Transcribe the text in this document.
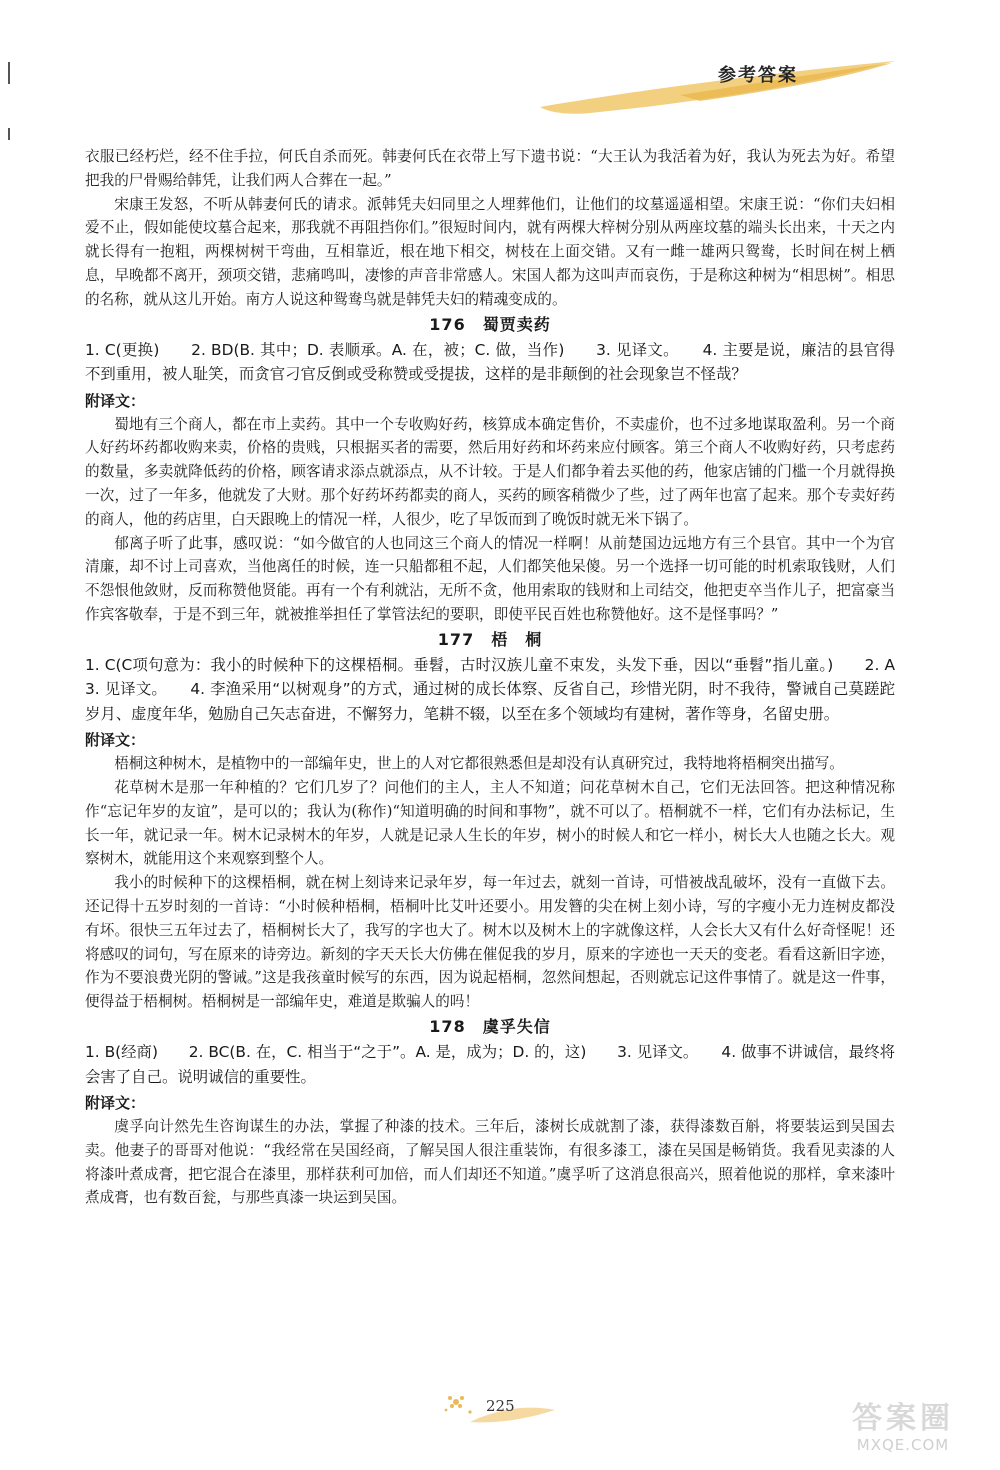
参考答案

衣服已经朽烂，经不住手拉，何氏自杀而死。韩妻何氏在衣带上写下遗书说：“大王认为我活着为好，我认为死去为好。希望把我的尸骨赐给韩凭，让我们两人合葬在一起。”

宋康王发怒，不听从韩妻何氏的请求。派韩凭夫妇同里之人埋葬他们，让他们的坟墓遥遥相望。宋康王说：“你们夫妇相爱不止，假如能使坟墓合起来，那我就不再阻挡你们。”很短时间内，就有两棵大梓树分别从两座坟墓的端头长出来，十天之内就长得有一抱粗，两棵树树干弯曲，互相靠近，根在地下相交，树枝在上面交错。又有一雌一雄两只鸳鸯，长时间在树上栖息，早晚都不离开，颈项交错，悲痛鸣叫，凄惨的声音非常感人。宋国人都为这叫声而哀伤，于是称这种树为“相思树”。相思的名称，就从这儿开始。南方人说这种鸳鸯鸟就是韩凭夫妇的精魂变成的。

176　蜀贾卖药

1. C(更换)　　2. BD(B. 其中；D. 表顺承。A. 在，被；C. 做，当作)　　3. 见译文。　　4. 主要是说，廉洁的县官得不到重用，被人耻笑，而贪官刁官反倒或受称赞或受提拔，这样的是非颠倒的社会现象岂不怪哉？

附译文：

蜀地有三个商人，都在市上卖药。其中一个专收购好药，核算成本确定售价，不卖虚价，也不过多地谋取盈利。另一个商人好药坏药都收购来卖，价格的贵贱，只根据买者的需要，然后用好药和坏药来应付顾客。第三个商人不收购好药，只考虑药的数量，多卖就降低药的价格，顾客请求添点就添点，从不计较。于是人们都争着去买他的药，他家店铺的门槛一个月就得换一次，过了一年多，他就发了大财。那个好药坏药都卖的商人，买药的顾客稍微少了些，过了两年也富了起来。那个专卖好药的商人，他的药店里，白天跟晚上的情况一样，人很少，吃了早饭而到了晚饭时就无米下锅了。

郁离子听了此事，感叹说：“如今做官的人也同这三个商人的情况一样啊！从前楚国边远地方有三个县官。其中一个为官清廉，却不讨上司喜欢，当他离任的时候，连一只船都租不起，人们都笑他呆傻。另一个选择一切可能的时机索取钱财，人们不怨恨他敛财，反而称赞他贤能。再有一个有利就沾，无所不贪，他用索取的钱财和上司结交，他把吏卒当作儿子，把富豪当作宾客敬奉，于是不到三年，就被推举担任了掌管法纪的要职，即使平民百姓也称赞他好。这不是怪事吗？”

177　梧　桐

1. C(C项句意为：我小的时候种下的这棵梧桐。垂髫，古时汉族儿童不束发，头发下垂，因以“垂髫”指儿童。)　　2. A　　3. 见译文。　　4. 李渔采用“以树观身”的方式，通过树的成长体察、反省自己，珍惜光阴，时不我待，警诫自己莫蹉跎岁月、虚度年华，勉励自己矢志奋进，不懈努力，笔耕不辍，以至在多个领域均有建树，著作等身，名留史册。

附译文：

梧桐这种树木，是植物中的一部编年史，世上的人对它都很熟悉但是却没有认真研究过，我特地将梧桐突出描写。

花草树木是那一年种植的？它们几岁了？问他们的主人，主人不知道；问花草树木自己，它们无法回答。把这种情况称作“忘记年岁的友谊”，是可以的；我认为(称作)“知道明确的时间和事物”，就不可以了。梧桐就不一样，它们有办法标记，生长一年，就记录一年。树木记录树木的年岁，人就是记录人生长的年岁，树小的时候人和它一样小，树长大人也随之长大。观察树木，就能用这个来观察到整个人。

我小的时候种下的这棵梧桐，就在树上刻诗来记录年岁，每一年过去，就刻一首诗，可惜被战乱破坏，没有一直做下去。还记得十五岁时刻的一首诗：“小时候种梧桐，梧桐叶比艾叶还要小。用发簪的尖在树上刻小诗，写的字瘦小无力连树皮都没有坏。很快三五年过去了，梧桐树长大了，我写的字也大了。树木以及树木上的字就像这样，人会长大又有什么好奇怪呢！还将感叹的词句，写在原来的诗旁边。新刻的字天天长大仿佛在催促我的岁月，原来的字迹也一天天的变老。看看这新旧字迹，作为不要浪费光阴的警诫。”这是我孩童时候写的东西，因为说起梧桐，忽然间想起，否则就忘记这件事情了。就是这一件事，便得益于梧桐树。梧桐树是一部编年史，难道是欺骗人的吗！

178　虞孚失信

1. B(经商)　　2. BC(B. 在，C. 相当于“之于”。A. 是，成为；D. 的，这)　　3. 见译文。　　4. 做事不讲诚信，最终将会害了自己。说明诚信的重要性。

附译文：

虞孚向计然先生咨询谋生的办法，掌握了种漆的技术。三年后，漆树长成就割了漆，获得漆数百斛，将要装运到吴国去卖。他妻子的哥哥对他说：“我经常在吴国经商，了解吴国人很注重装饰，有很多漆工，漆在吴国是畅销货。我看见卖漆的人将漆叶煮成膏，把它混合在漆里，那样获利可加倍，而人们却还不知道。”虞孚听了这消息很高兴，照着他说的那样，拿来漆叶煮成膏，也有数百瓮，与那些真漆一块运到吴国。

225	答案圈
MXQE.COM
